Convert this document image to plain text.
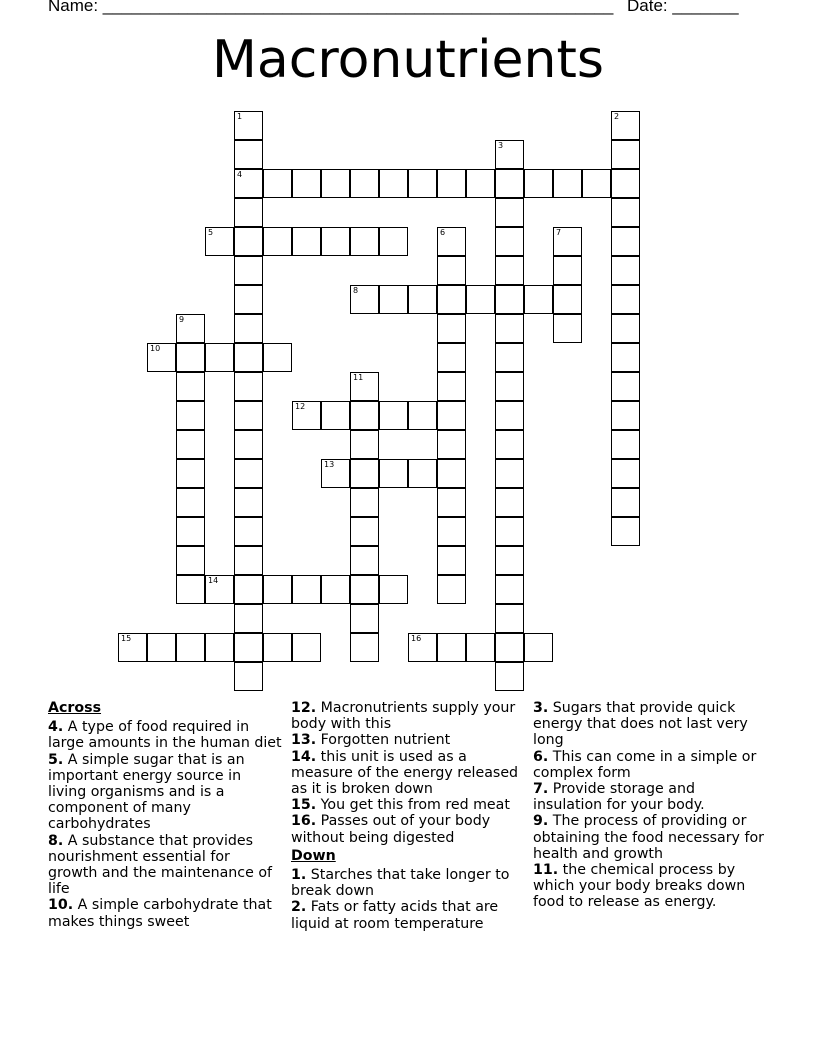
Name: ______________________________________________________ Date: _______
Macronutrients
1
4
2
3
5	6	7
8
9
10
11
12
13
14
15	16
Across
4. A type of food required in large amounts in the human diet
5. A simple sugar that is an important energy source in living organisms and is a component of many carbohydrates
8. A substance that provides nourishment essential for growth and the maintenance of life
10. A simple carbohydrate that makes things sweet
12. Macronutrients supply your body with this
13. Forgotten nutrient
14. this unit is used as a measure of the energy released as it is broken down
15. You get this from red meat
16. Passes out of your body without being digested
Down
1. Starches that take longer to break down
2. Fats or fatty acids that are liquid at room temperature
3. Sugars that provide quick energy that does not last very long
6. This can come in a simple or complex form
7. Provide storage and insulation for your body.
9. The process of providing or obtaining the food necessary for health and growth
11. the chemical process by which your body breaks down food to release as energy.
